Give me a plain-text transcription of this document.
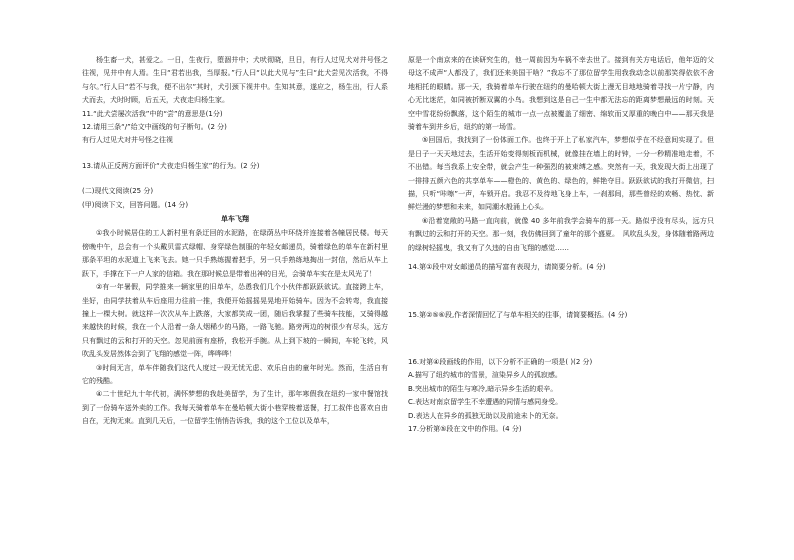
杨生畜一犬，甚爱之。一日，生夜行，堕涸井中；犬吠彻晓，旦日，有行人过见犬对井号怪之往视，见井中有人焉。生曰“君若出我，当厚报。”行人曰“以此犬见与”生曰“此犬尝见次活我，不得与尔。”行人曰“若不与我，便不出尔”其时，犬引颈下视井中。生知其意，遂应之，杨生出，行人系犬而去，犬时时顾，后五天，犬夜走归杨生家。

11.“此犬尝屡次活我”中的“尝”的意思是(1分)

12.请用三条“/”给文中画线的句子断句。(2 分)

有行人过见犬对井号怪之往视

13.请从正反两方面评价“犬夜走归杨生家”的行为。(2 分)

(二)现代文阅读(25 分)

(甲)阅读下文，回答问题。(14 分)

单车飞翔

①我小时候居住的工人新村里有条迂回的水泥路，在绿荫丛中环绕并连接着各幢居民楼。每天傍晚中午，总会有一个头戴贝雷式绿帽、身穿绿色制服的年轻女邮递员，骑着绿色的单车在新村里那条平坦的水泥道上飞来飞去。她一只手熟练握着把手，另一只手熟练地掏出一封信，然后从车上跃下，手撑在下一户人家的信箱。我在那时候总是带着出神的目光，会骑单车实在是太风光了！

②有一年暑假，同学推来一辆家里的旧单车，怂恿我们几个小伙伴都跃跃欲试。直接跨上车，坐好，由同学扶着从车后座用力往前一推，我便开始摇摇晃晃地开始骑车。因为不会转弯，我直接撞上一棵大树。就这样一次次从车上跌落，大家都笑成一团，随后我掌握了些骑车技能，又骑得越来越快的时候，我在一个人沿着一条人烟稀少的马路，一路飞驰。路旁两边的树很少有尽头，远方只有飘过的云和打开的天空。忽见前面有座桥，我松开手腕。从上到下坡的一瞬间，车轮飞转，风吹乱头发居然体会到了飞翔的感觉一阵，哗哗哗！

③时间无言，单车伴随我们这代人度过一段无忧无虑、欢乐自由的童年时光。然而，生活自有它的残酷。

④二十世纪九十年代初，满怀梦想的我赴美留学，为了生计，那年寒假我在纽约一家中餐馆找到了一份骑车送外卖的工作。我每天骑着单车在曼哈顿大街小巷穿梭着送餐，打工叔伴也喜欢自由自在，无拘无束。直到几天后，一位留学生悄悄告诉我，我的这个工位以及单车，

原是一个南京来的在读研究生的，他一周前因为车祸不幸去世了。接到有关方电话后，他年迈的父母这不成声“人都没了，我们还来美国干啥？”我忘不了那位留学生用我我动念以前那笑得依依不舍地相托的眼睛。那一天，我骑着单车行驶在纽约的曼哈顿大街上漫无目地地骑着寻找一片宁静，内心无比迷茫，如同被折断双翼的小鸟。我想到这是自己一生中都无法忘的距离梦想最远的时刻。天空中雪花纷纷飘落，这个陌生的城市一点一点被覆盖了细密、绵软而又厚重的晚白中——那天我是骑着车到井乡后，纽约的第一场雪。

⑤回国后，我找到了一份体面工作。也终于开上了私家汽车，梦想似乎在不经意间实现了。但是日子一天天地过去，生活开始变得刻板而机械，就像挂在墙上的时钟，一分一秒精准地走着，不不出错。每当我系上安全带，就会产生一种强烈的被束缚之感。突然有一天，我发现大街上出现了一排排五颜六色的共享单车——橙色的、黄色的、绿色的，鲜艳夺目。跃跃欲试的我打开微信，扫描，只听“咔嚓”一声，车锁开启。我忍不及待地飞身上车，一刹那间，那些曾经的欢畅、热忱、新鲜烂漫的梦想和未来，如同潮水般涌上心头。

⑥沿着宽敞的马路一直向前，就像 40 多年前我学会骑车的那一天。路似乎没有尽头，远方只有飘过的云和打开的天空。那一刻，我仿佛回到了童年的那个盛夏。　风吹乱头发，身体随着路两边的绿树轻摇曳，我又有了久违的自由飞翔的感觉……

14.第①段中对女邮递员的描写富有表现力，请简要分析。(4 分)

15.第②⑤⑥段,作者深情回忆了与单车相关的往事，请简要概括。(4 分)

16.对第④段画线的作用，以下分析不正确的一项是( )(2 分)

A.描写了纽约城市的雪景，渲染异乡人的孤寂感。

B.突出城市的陌生与寒冷,暗示异乡生活的艰辛。

C.表达对南京留学生不幸遭遇的同情与感同身受。

D.表达人在异乡的孤独无助以及前途未卜的无奈。

17.分析第⑤段在文中的作用。(4 分)
